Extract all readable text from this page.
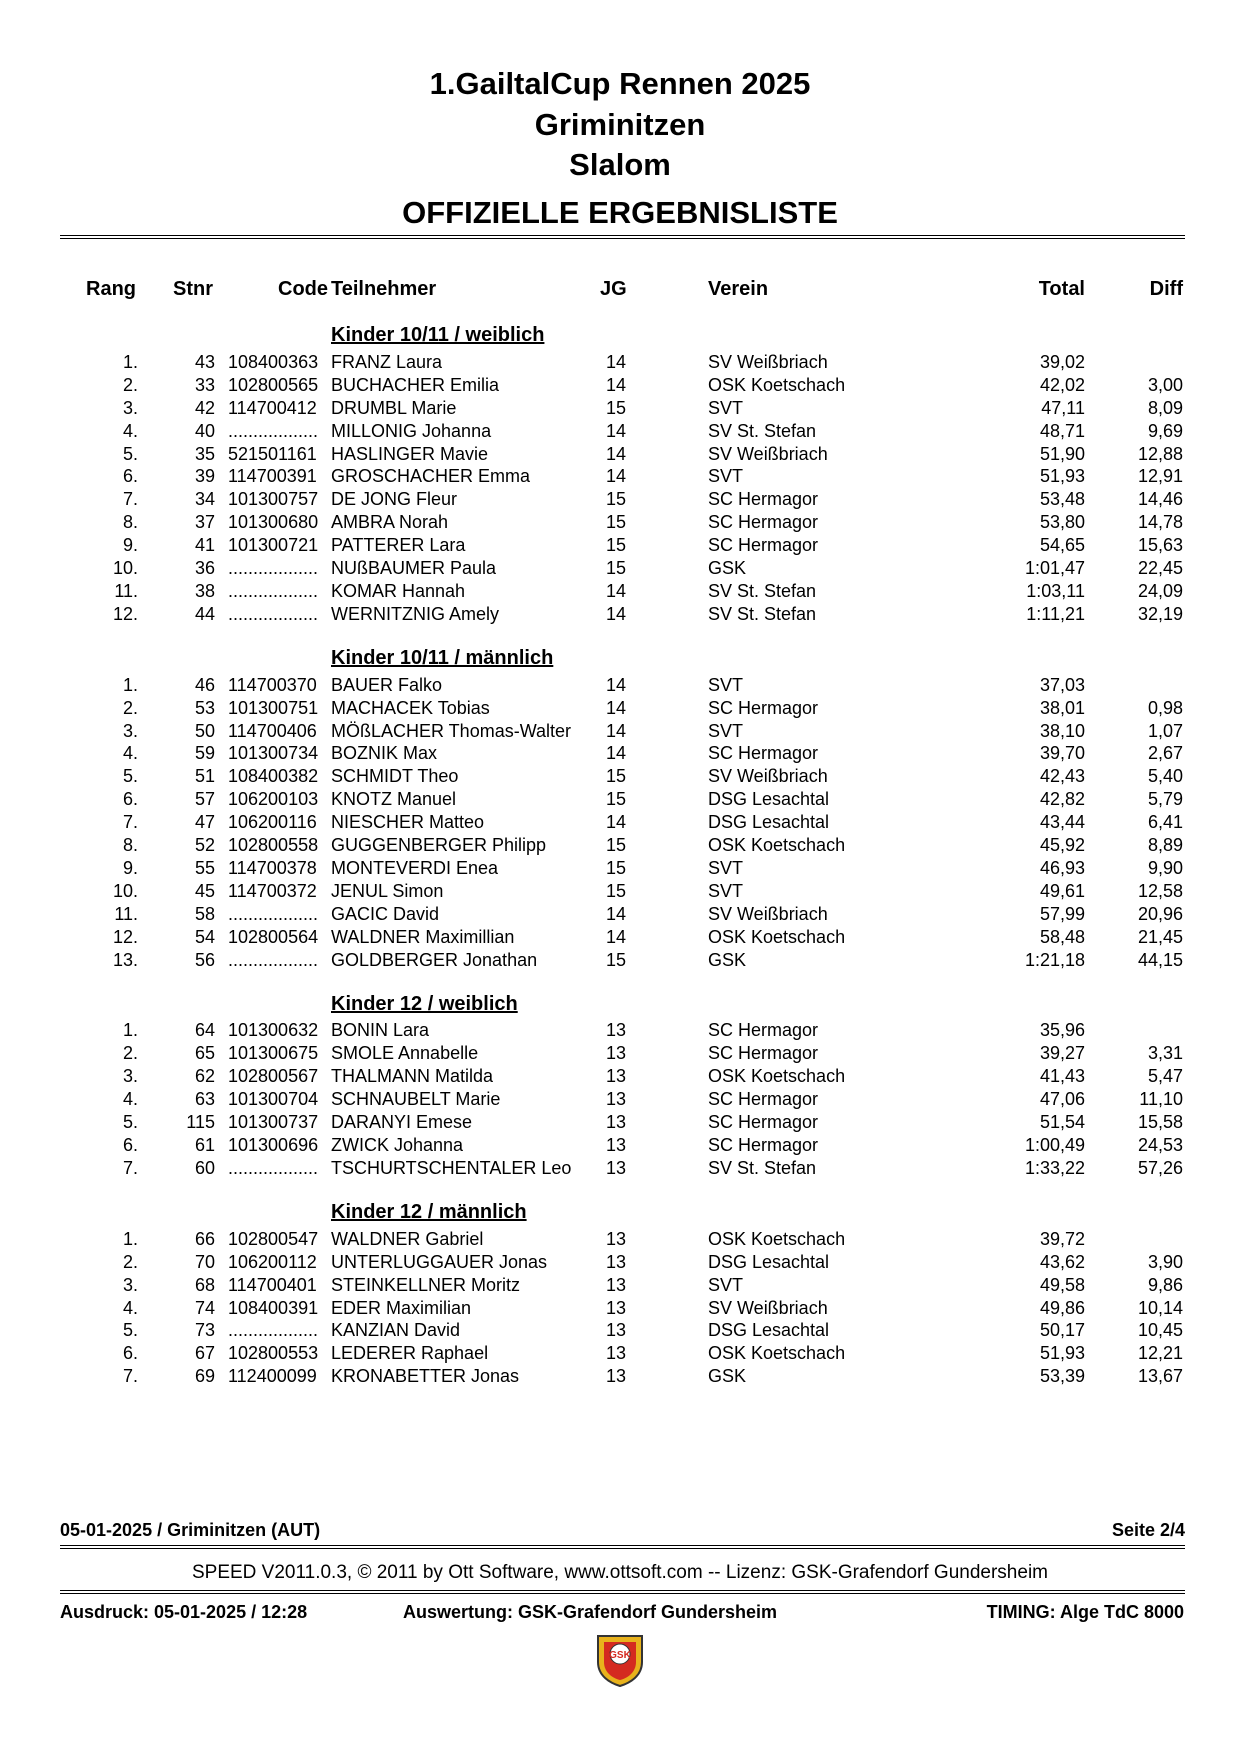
1.GailtalCup Rennen 2025
Griminitzen
Slalom
OFFIZIELLE ERGEBNISLISTE
Rang Stnr	Code Teilnehmer	JG	Verein	Total	Diff
Kinder 10/11 / weiblich
1.	43 108400363 FRANZ Laura	14	SV Weißbriach	39,02
2.	33 102800565 BUCHACHER Emilia	14	OSK Koetschach	42,02	3,00
3.	42 114700412 DRUMBL Marie	15	SVT	47,11	8,09
4.	40 .................. MILLONIG Johanna	14	SV St. Stefan	48,71	9,69
5.	35 521501161 HASLINGER Mavie	14	SV Weißbriach	51,90	12,88
6.	39 114700391 GROSCHACHER Emma	14	SVT	51,93	12,91
7.	34 101300757 DE JONG Fleur	15	SC Hermagor	53,48	14,46
8.	37 101300680 AMBRA Norah	15	SC Hermagor	53,80	14,78
9.	41 101300721 PATTERER Lara	15	SC Hermagor	54,65	15,63
10.	36 .................. NUßBAUMER Paula	15	GSK	1:01,47	22,45
11.	38 .................. KOMAR Hannah	14	SV St. Stefan	1:03,11	24,09
12.	44 .................. WERNITZNIG Amely	14	SV St. Stefan	1:11,21	32,19
Kinder 10/11 / männlich
1.	46 114700370 BAUER Falko	14	SVT	37,03
2.	53 101300751 MACHACEK Tobias	14	SC Hermagor	38,01	0,98
3.	50 114700406 MÖßLACHER Thomas-Walter	14	SVT	38,10	1,07
4.	59 101300734 BOZNIK Max	14	SC Hermagor	39,70	2,67
5.	51 108400382 SCHMIDT Theo	15	SV Weißbriach	42,43	5,40
6.	57 106200103 KNOTZ Manuel	15	DSG Lesachtal	42,82	5,79
7.	47 106200116 NIESCHER Matteo	14	DSG Lesachtal	43,44	6,41
8.	52 102800558 GUGGENBERGER Philipp	15	OSK Koetschach	45,92	8,89
9.	55 114700378 MONTEVERDI Enea	15	SVT	46,93	9,90
10.	45 114700372 JENUL Simon	15	SVT	49,61	12,58
11.	58 .................. GACIC David	14	SV Weißbriach	57,99	20,96
12.	54 102800564 WALDNER Maximillian	14	OSK Koetschach	58,48	21,45
13.	56 .................. GOLDBERGER Jonathan	15	GSK	1:21,18	44,15
Kinder 12 / weiblich
1.	64 101300632 BONIN Lara	13	SC Hermagor	35,96
2.	65 101300675 SMOLE Annabelle	13	SC Hermagor	39,27	3,31
3.	62 102800567 THALMANN Matilda	13	OSK Koetschach	41,43	5,47
4.	63 101300704 SCHNAUBELT Marie	13	SC Hermagor	47,06	11,10
5.	115 101300737 DARANYI Emese	13	SC Hermagor	51,54	15,58
6.	61 101300696 ZWICK Johanna	13	SC Hermagor	1:00,49	24,53
7.	60 .................. TSCHURTSCHENTALER Leo	13	SV St. Stefan	1:33,22	57,26
Kinder 12 / männlich
1.	66 102800547 WALDNER Gabriel	13	OSK Koetschach	39,72
2.	70 106200112 UNTERLUGGAUER Jonas	13	DSG Lesachtal	43,62	3,90
3.	68 114700401 STEINKELLNER Moritz	13	SVT	49,58	9,86
4.	74 108400391 EDER Maximilian	13	SV Weißbriach	49,86	10,14
5.	73 .................. KANZIAN David	13	DSG Lesachtal	50,17	10,45
6.	67 102800553 LEDERER Raphael	13	OSK Koetschach	51,93	12,21
7.	69 112400099 KRONABETTER Jonas	13	GSK	53,39	13,67
05-01-2025 / Griminitzen (AUT)	Seite 2/4
SPEED V2011.0.3, © 2011 by Ott Software, www.ottsoft.com -- Lizenz: GSK-Grafendorf Gundersheim
Ausdruck: 05-01-2025 / 12:28	Auswertung: GSK-Grafendorf Gundersheim	TIMING: Alge TdC 8000
GSK
